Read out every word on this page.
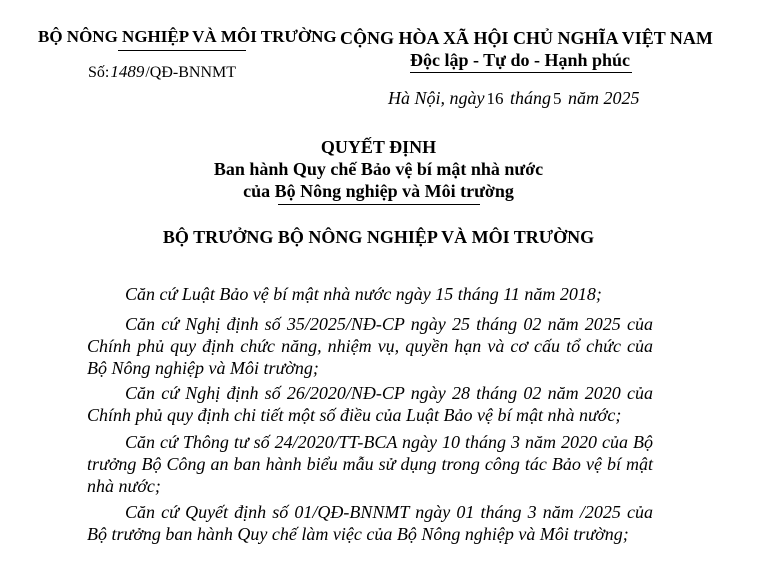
BỘ NÔNG NGHIỆP VÀ MÔI TRƯỜNG
Số:1489/QĐ-BNNMT
CỘNG HÒA XÃ HỘI CHỦ NGHĨA VIỆT NAM
Độc lập - Tự do - Hạnh phúc
Hà Nội, ngày 16 tháng 5 năm 2025
QUYẾT ĐỊNH
Ban hành Quy chế Bảo vệ bí mật nhà nước
của Bộ Nông nghiệp và Môi trường
BỘ TRƯỞNG BỘ NÔNG NGHIỆP VÀ MÔI TRƯỜNG
Căn cứ Luật Bảo vệ bí mật nhà nước ngày 15 tháng 11 năm 2018;
Căn cứ Nghị định số 35/2025/NĐ-CP ngày 25 tháng 02 năm 2025 của Chính phủ quy định chức năng, nhiệm vụ, quyền hạn và cơ cấu tổ chức của Bộ Nông nghiệp và Môi trường;
Căn cứ Nghị định số 26/2020/NĐ-CP ngày 28 tháng 02 năm 2020 của Chính phủ quy định chi tiết một số điều của Luật Bảo vệ bí mật nhà nước;
Căn cứ Thông tư số 24/2020/TT-BCA ngày 10 tháng 3 năm 2020 của Bộ trưởng Bộ Công an ban hành biểu mẫu sử dụng trong công tác Bảo vệ bí mật nhà nước;
Căn cứ Quyết định số 01/QĐ-BNNMT ngày 01 tháng 3 năm /2025 của Bộ trưởng ban hành Quy chế làm việc của Bộ Nông nghiệp và Môi trường;
